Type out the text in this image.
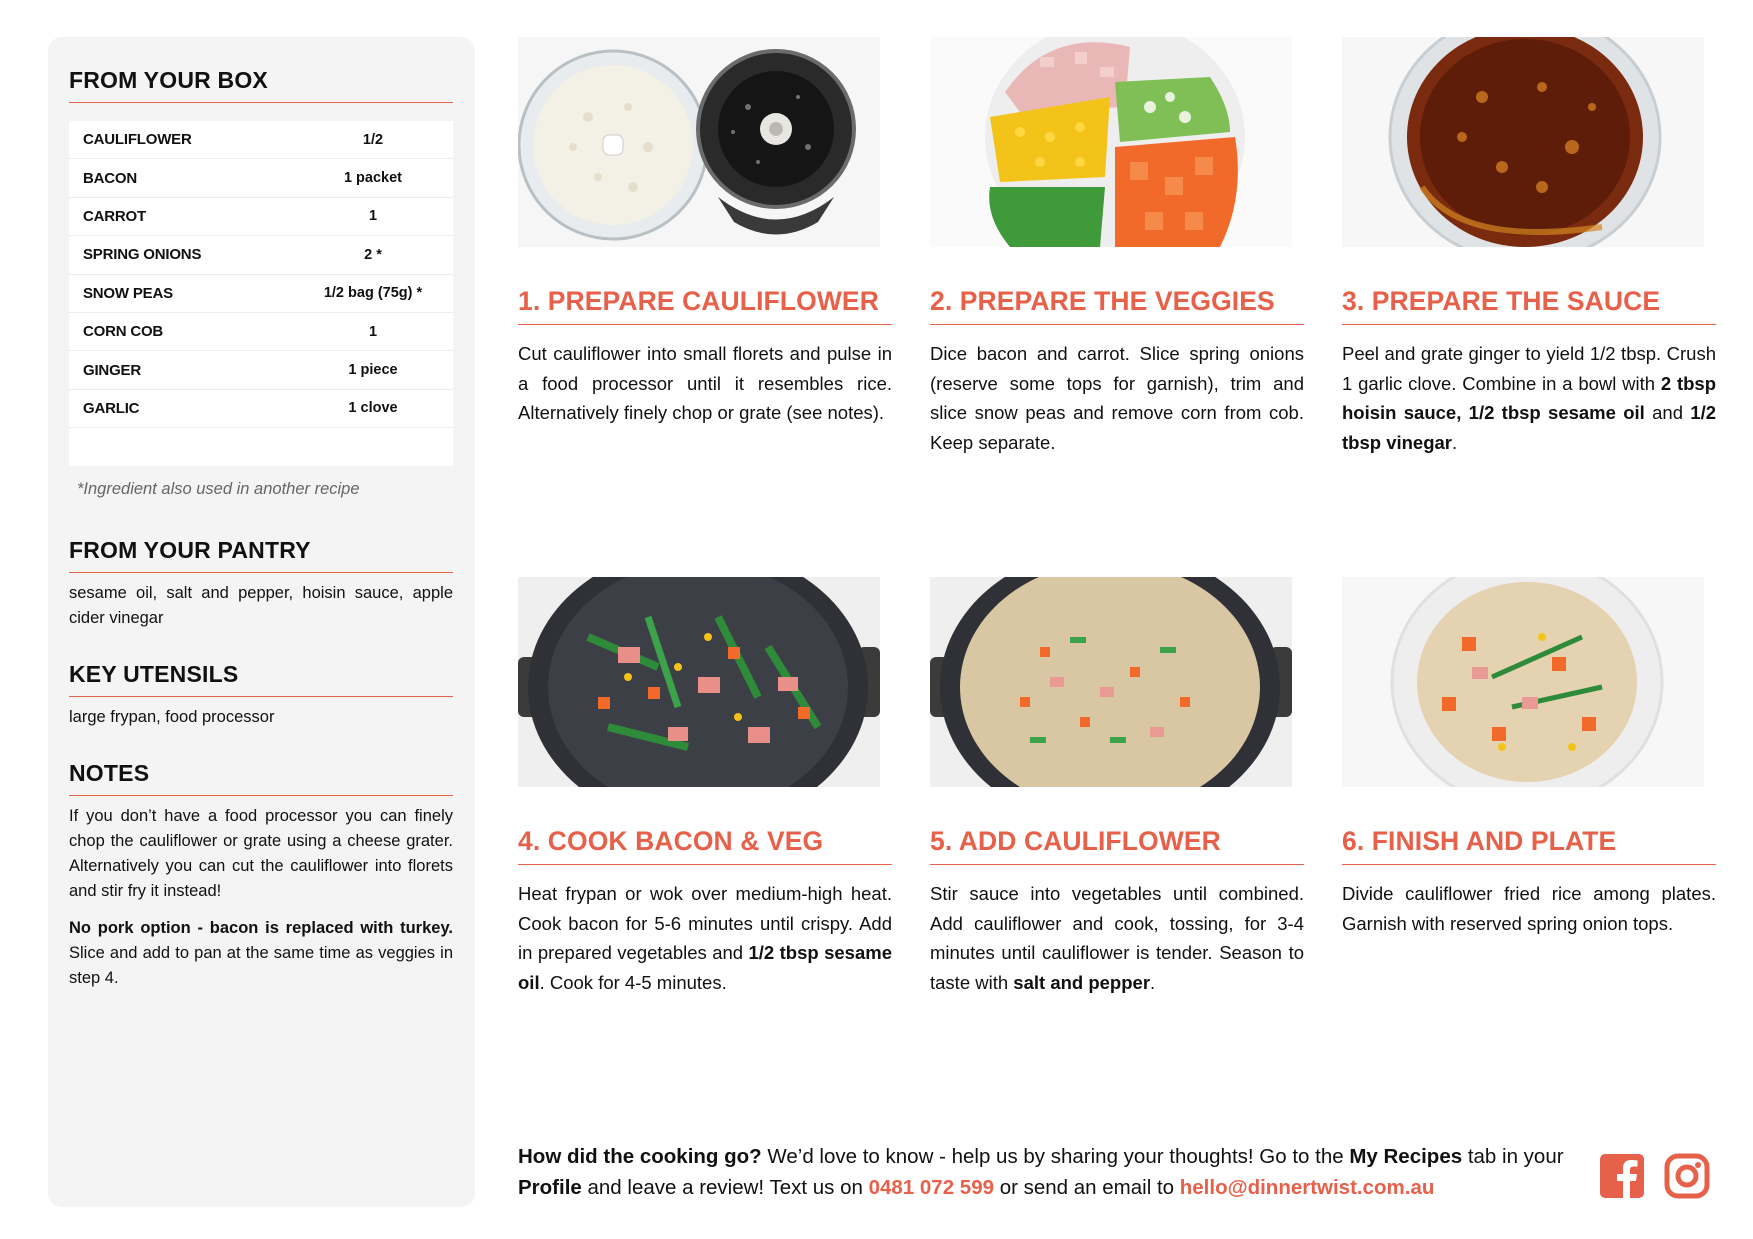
FROM YOUR BOX
CAULIFLOWER	1/2
BACON	1 packet
CARROT	1
SPRING ONIONS	2 *
SNOW PEAS	1/2 bag (75g) *
CORN COB	1
GINGER	1 piece
GARLIC	1 clove

*Ingredient also used in another recipe

FROM YOUR PANTRY

sesame oil, salt and pepper, hoisin sauce, apple cider vinegar

KEY UTENSILS

large frypan, food processor

NOTES

If you don’t have a food processor you can finely chop the cauliflower or grate using a cheese grater. Alternatively you can cut the cauliflower into florets and stir fry it instead!

No pork option - bacon is replaced with turkey. Slice and add to pan at the same time as veggies in step 4.

1. PREPARE CAULIFLOWER

Cut cauliflower into small florets and pulse in a food processor until it resembles rice. Alternatively finely chop or grate (see notes).

2. PREPARE THE VEGGIES

Dice bacon and carrot. Slice spring onions (reserve some tops for garnish), trim and slice snow peas and remove corn from cob. Keep separate.

3. PREPARE THE SAUCE

Peel and grate ginger to yield 1/2 tbsp. Crush 1 garlic clove. Combine in a bowl with 2 tbsp hoisin sauce, 1/2 tbsp sesame oil and 1/2 tbsp vinegar.

4. COOK BACON & VEG

Heat frypan or wok over medium-high heat. Cook bacon for 5-6 minutes until crispy. Add in prepared vegetables and 1/2 tbsp sesame oil. Cook for 4-5 minutes.

5. ADD CAULIFLOWER

Stir sauce into vegetables until combined. Add cauliflower and cook, tossing, for 3-4 minutes until cauliflower is tender. Season to taste with salt and pepper.

6. FINISH AND PLATE

Divide cauliflower fried rice among plates. Garnish with reserved spring onion tops.

How did the cooking go? We’d love to know - help us by sharing your thoughts! Go to the My Recipes tab in your Profile and leave a review! Text us on 0481 072 599 or send an email to hello@dinnertwist.com.au
